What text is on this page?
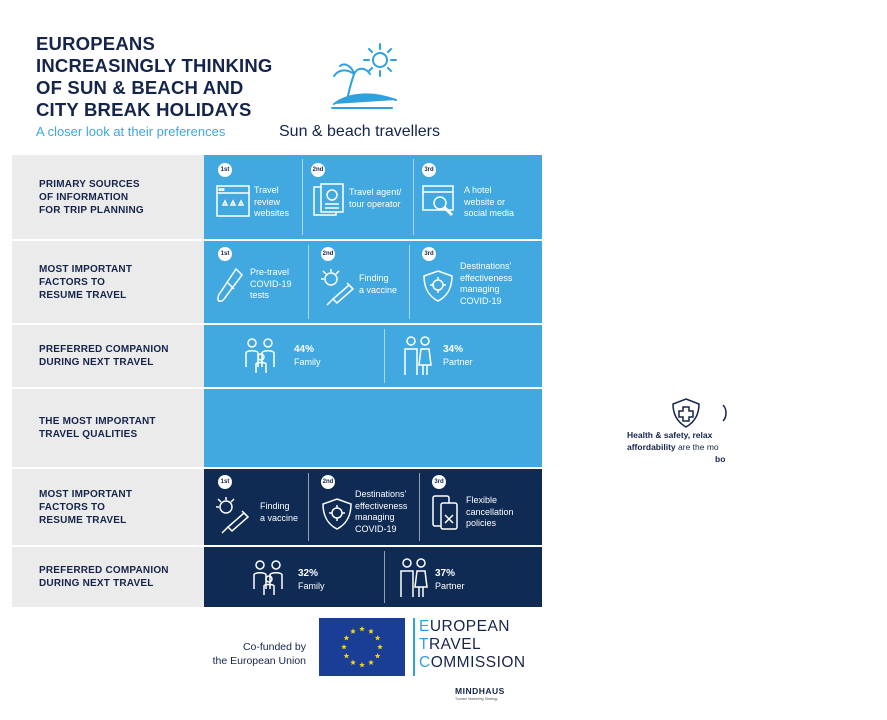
EUROPEANS
INCREASINGLY THINKING
OF SUN & BEACH AND
CITY BREAK HOLIDAYS
A closer look at their preferences	Sun & beach travellers
PRIMARY SOURCES
OF INFORMATION
FOR TRIP PLANNING
1st
Travel
review
websites
2nd
Travel agent/
tour operator
3rd
A hotel
website or
social media
MOST IMPORTANT
FACTORS TO
RESUME TRAVEL
1st
Pre-travel
COVID-19
tests
2nd
Finding
a vaccine
3rd
Destinations'
effectiveness
managing
COVID-19
PREFERRED COMPANION
DURING NEXT TRAVEL
44%
Family
34%
Partner
THE MOST IMPORTANT
TRAVEL QUALITIES	Health & safety, relax
affordability are the mo
bo
MOST IMPORTANT
FACTORS TO
RESUME TRAVEL
1st
Finding
a vaccine
2nd
Destinations'
effectiveness
managing
COVID-19
3rd
Flexible
cancellation
policies
PREFERRED COMPANION
DURING NEXT TRAVEL
32%
Family
37%
Partner
Co-funded by
the European Union
EUROPEAN
TRAVEL
COMMISSION
MINDHAUS
Tourism Marketing Strategy
